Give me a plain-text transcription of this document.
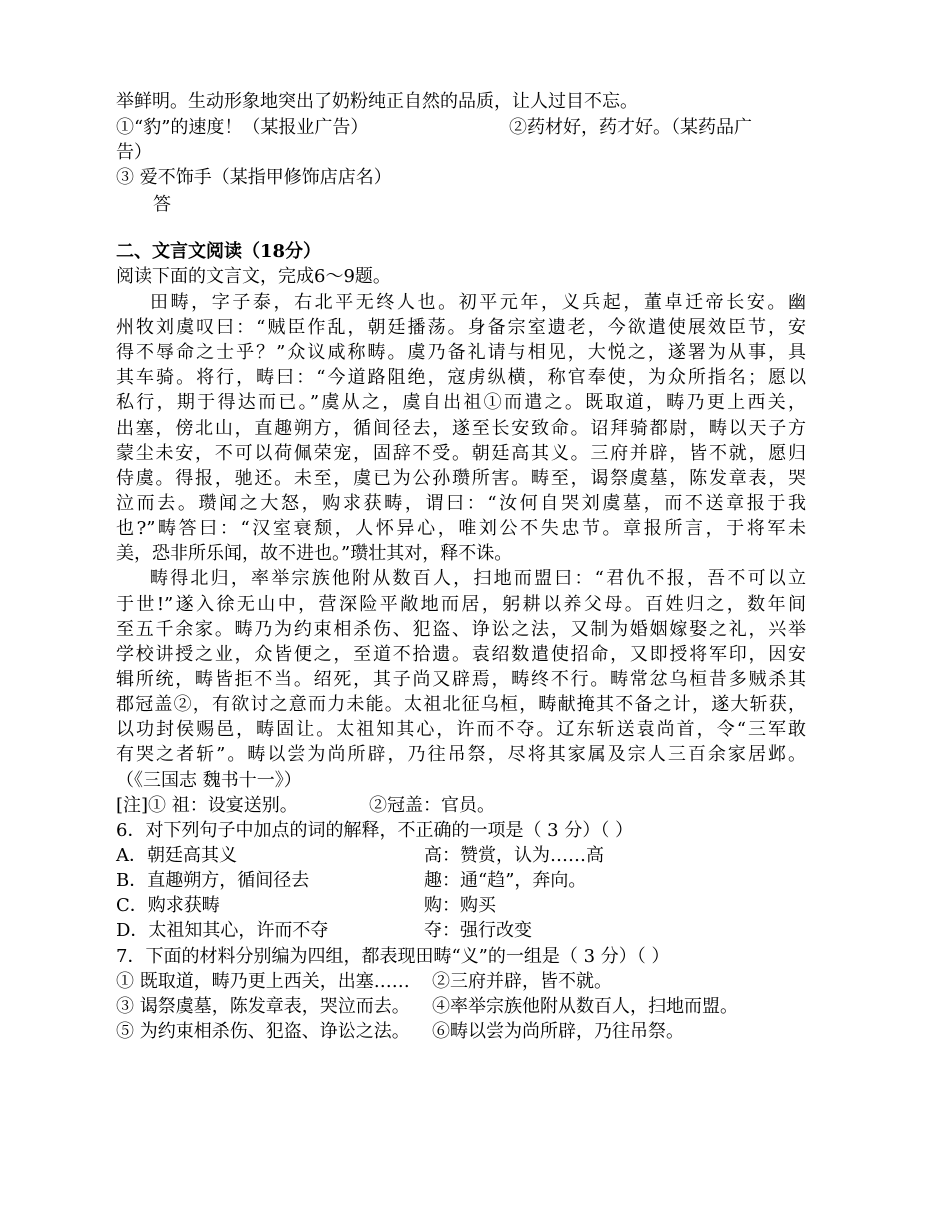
举鲜明。生动形象地突出了奶粉纯正自然的品质，让人过目不忘。
①“豹”的速度！（某报业广告）	②药材好，药才好。（某药品广
告）
③ 爱不饰手（某指甲修饰店店名）
答
二、文言文阅读（18分）
阅读下面的文言文，完成6～9题。
田畴，字子泰，右北平无终人也。初平元年，义兵起，董卓迁帝长安。幽
州牧刘虞叹曰：“贼臣作乱，朝廷播荡。身备宗室遗老，今欲遣使展效臣节，安
得不辱命之士乎？”众议咸称畴。虞乃备礼请与相见，大悦之，遂署为从事，具
其车骑。将行，畴曰：“今道路阻绝，寇虏纵横，称官奉使，为众所指名；愿以
私行，期于得达而已。”虞从之，虞自出祖①而遣之。既取道，畴乃更上西关，
出塞，傍北山，直趣朔方，循间径去，遂至长安致命。诏拜骑都尉，畴以天子方
蒙尘未安，不可以荷佩荣宠，固辞不受。朝廷高其义。三府并辟，皆不就，愿归
侍虞。得报，驰还。未至，虞已为公孙瓒所害。畴至，谒祭虞墓，陈发章表，哭
泣而去。瓒闻之大怒，购求获畴，谓曰：“汝何自哭刘虞墓，而不送章报于我
也?”畴答曰：“汉室衰颓，人怀异心，唯刘公不失忠节。章报所言，于将军未
美，恐非所乐闻，故不进也。”瓒壮其对，释不诛。
畴得北归，率举宗族他附从数百人，扫地而盟曰：“君仇不报，吾不可以立
于世!”遂入徐无山中，营深险平敞地而居，躬耕以养父母。百姓归之，数年间
至五千余家。畴乃为约束相杀伤、犯盗、诤讼之法，又制为婚姻嫁娶之礼，兴举
学校讲授之业，众皆便之，至道不拾遗。袁绍数遣使招命，又即授将军印，因安
辑所统，畴皆拒不当。绍死，其子尚又辟焉，畴终不行。畴常忿乌桓昔多贼杀其
郡冠盖②，有欲讨之意而力未能。太祖北征乌桓，畴献掩其不备之计，遂大斩获，
以功封侯赐邑，畴固让。太祖知其心，许而不夺。辽东斩送袁尚首，令“三军敢
有哭之者斩”。畴以尝为尚所辟，乃往吊祭，尽将其家属及宗人三百余家居邺。
（《三国志 魏书十一》）
[注]① 祖：设宴送别。	②冠盖：官员。
6．对下列句子中加点的词的解释，不正确的一项是（ 3 分）（ ）
A．朝廷高其义	高：赞赏，认为……高
B．直趣朔方，循间径去	趣：通“趋”，奔向。
C．购求获畴	购：购买
D．太祖知其心，许而不夺	夺：强行改变
7．下面的材料分别编为四组，都表现田畴“义”的一组是（ 3 分）（ ）
① 既取道，畴乃更上西关，出塞……	②三府并辟，皆不就。
③ 谒祭虞墓，陈发章表，哭泣而去。	④率举宗族他附从数百人，扫地而盟。
⑤ 为约束相杀伤、犯盗、诤讼之法。	⑥畴以尝为尚所辟，乃往吊祭。
